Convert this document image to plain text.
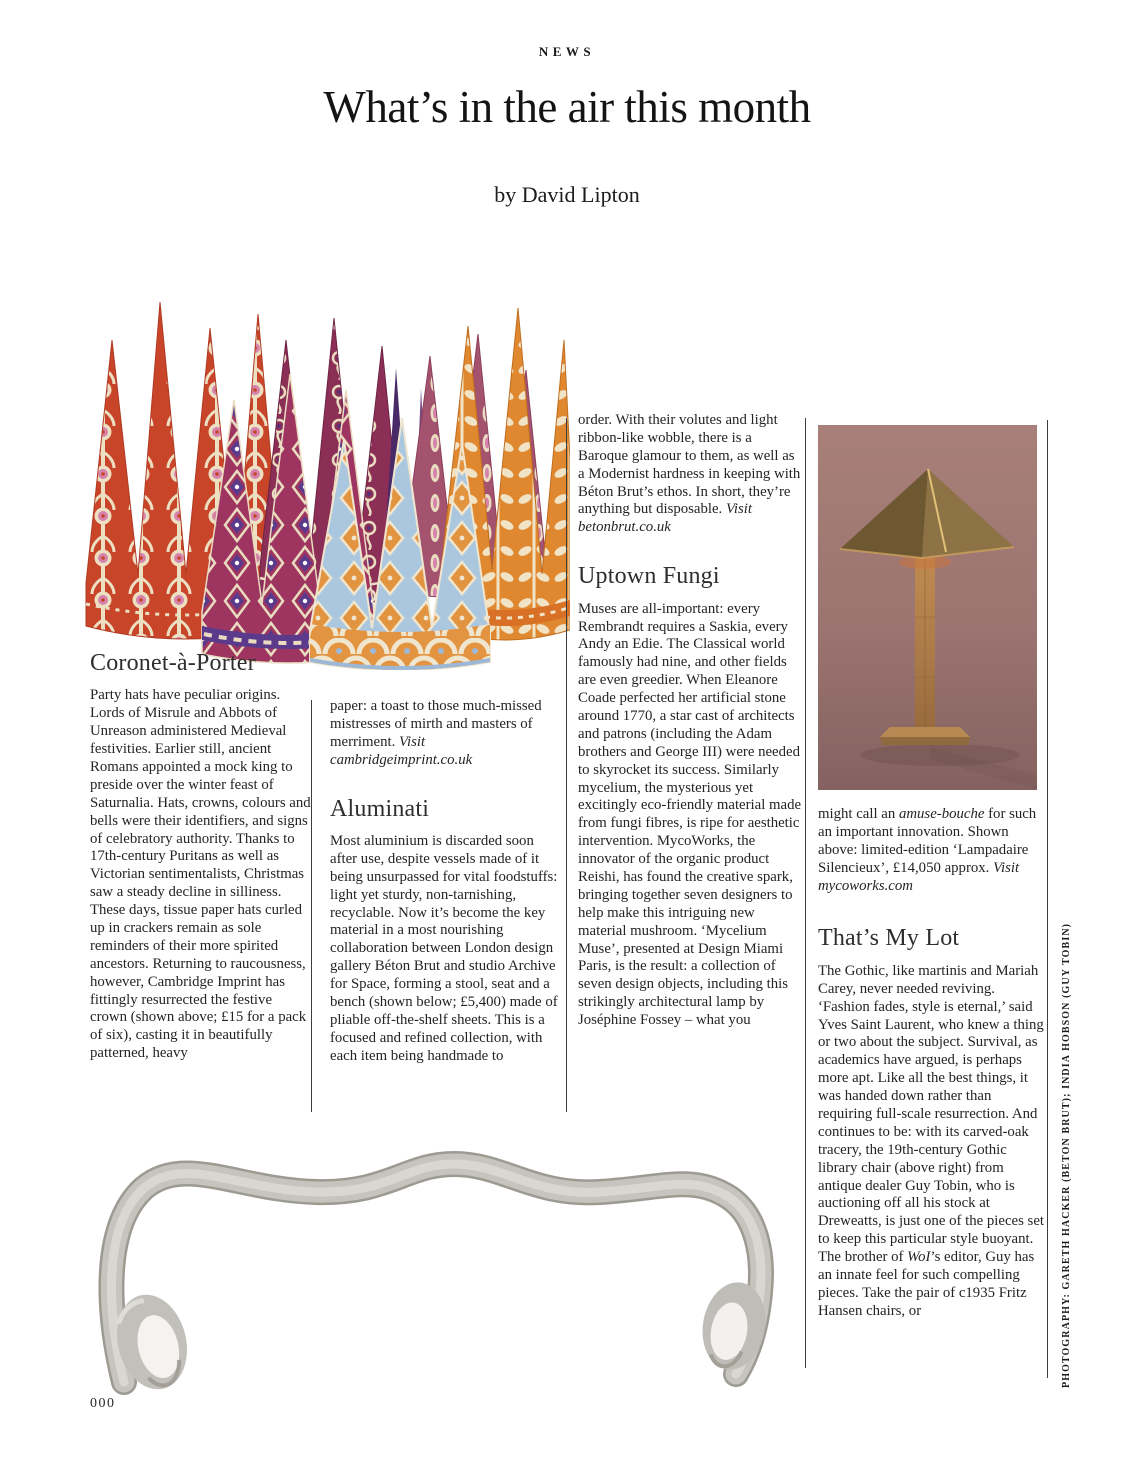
NEWS
What’s in the air this month
by David Lipton
Coronet-à-Porter

Party hats have peculiar origins. Lords of Misrule and Abbots of Unreason administered Medieval festivities. Earlier still, ancient Romans appointed a mock king to preside over the winter feast of Saturnalia. Hats, crowns, colours and bells were their identifiers, and signs of celebratory authority. Thanks to 17th-century Puritans as well as Victorian sentimentalists, Christmas saw a steady decline in silliness. These days, tissue paper hats curled up in crackers remain as sole reminders of their more spirited ancestors. Returning to raucousness, however, Cambridge Imprint has fittingly resurrected the festive crown (shown above; £15 for a pack of six), casting it in beautifully patterned, heavy

paper: a toast to those much-missed mistresses of mirth and masters of merriment. Visit cambridgeimprint.co.uk

Aluminati

Most aluminium is discarded soon after use, despite vessels made of it being unsurpassed for vital foodstuffs: light yet sturdy, non-tarnishing, recyclable. Now it’s become the key material in a most nourishing collaboration between London design gallery Béton Brut and studio Archive for Space, forming a stool, seat and a bench (shown below; £5,400) made of pliable off-the-shelf sheets. This is a focused and refined collection, with each item being handmade to

order. With their volutes and light ribbon-like wobble, there is a Baroque glamour to them, as well as a Modernist hardness in keeping with Béton Brut’s ethos. In short, they’re anything but disposable. Visit betonbrut.co.uk

Uptown Fungi

Muses are all-important: every Rembrandt requires a Saskia, every Andy an Edie. The Classical world famously had nine, and other fields are even greedier. When Eleanore Coade perfected her artificial stone around 1770, a star cast of architects and patrons (including the Adam brothers and George III) were needed to skyrocket its success. Similarly mycelium, the mysterious yet excitingly eco-friendly material made from fungi fibres, is ripe for aesthetic intervention. MycoWorks, the innovator of the organic product Reishi, has found the creative spark, bringing together seven designers to help make this intriguing new material mushroom. ‘Mycelium Muse’, presented at Design Miami Paris, is the result: a collection of seven design objects, including this strikingly architectural lamp by Joséphine Fossey – what you

might call an amuse-bouche for such an important innovation. Shown above: limited-edition ‘Lampadaire Silencieux’, £14,050 approx. Visit mycoworks.com

That’s My Lot

The Gothic, like martinis and Mariah Carey, never needed reviving. ‘Fashion fades, style is eternal,’ said Yves Saint Laurent, who knew a thing or two about the subject. Survival, as academics have argued, is perhaps more apt. Like all the best things, it was handed down rather than requiring full-scale resurrection. And continues to be: with its carved-oak tracery, the 19th-century Gothic library chair (above right) from antique dealer Guy Tobin, who is auctioning off all his stock at Dreweatts, is just one of the pieces set to keep this particular style buoyant. The brother of WoI’s editor, Guy has an innate feel for such compelling pieces. Take the pair of c1935 Fritz Hansen chairs, or

000
PHOTOGRAPHY: GARETH HACKER (BETON BRUT); INDIA HOBSON (GUY TOBIN)
